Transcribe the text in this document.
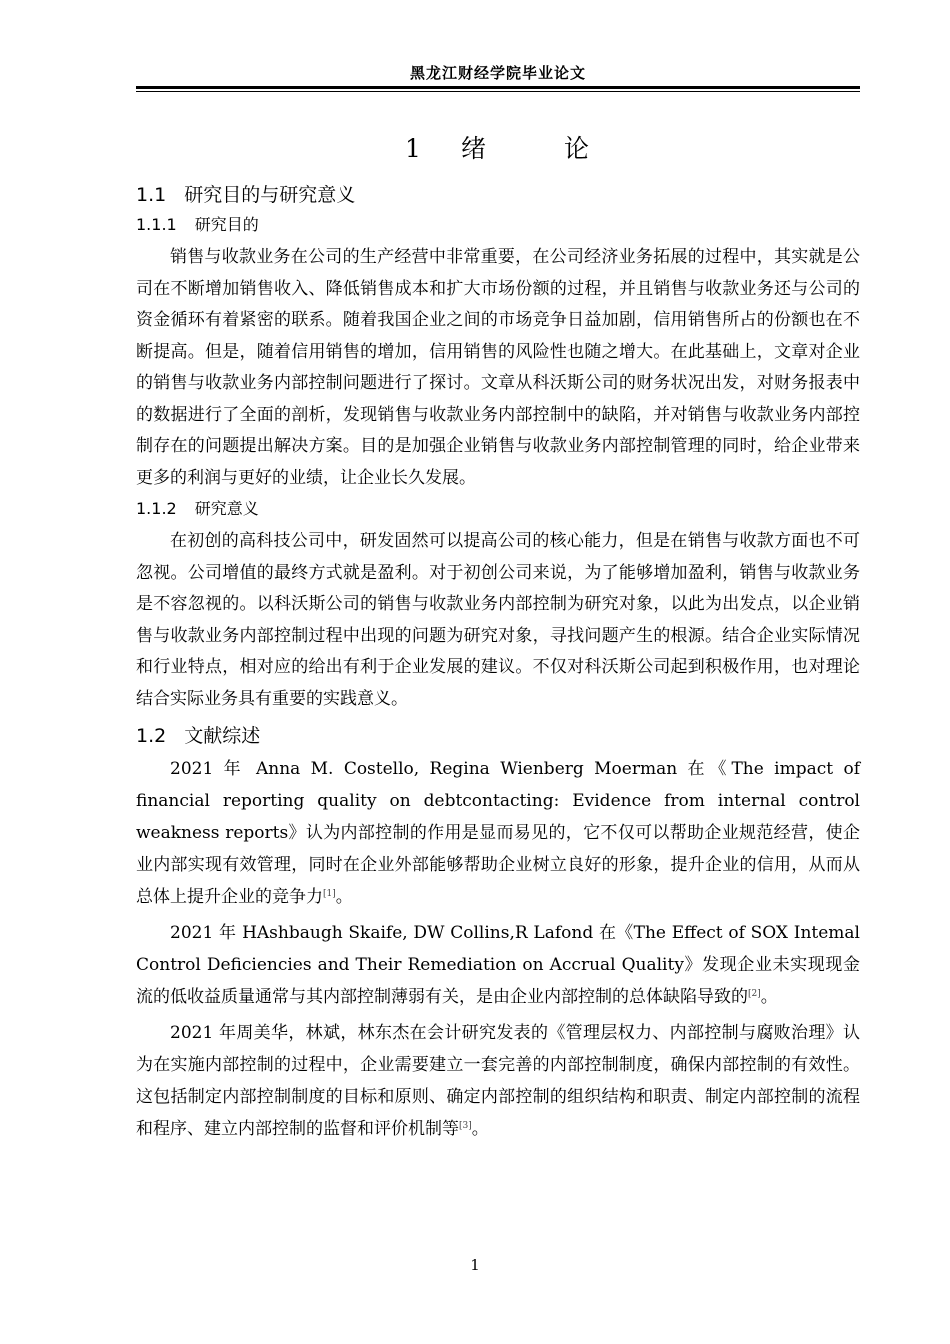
黑龙江财经学院毕业论文
1 绪	论
1.1 研究目的与研究意义
1.1.1 研究目的

销售与收款业务在公司的生产经营中非常重要，在公司经济业务拓展的过程中，其实就是公司在不断增加销售收入、降低销售成本和扩大市场份额的过程，并且销售与收款业务还与公司的资金循环有着紧密的联系。随着我国企业之间的市场竞争日益加剧，信用销售所占的份额也在不断提高。但是，随着信用销售的增加，信用销售的风险性也随之增大。在此基础上，文章对企业的销售与收款业务内部控制问题进行了探讨。文章从科沃斯公司的财务状况出发，对财务报表中的数据进行了全面的剖析，发现销售与收款业务内部控制中的缺陷，并对销售与收款业务内部控制存在的问题提出解决方案。目的是加强企业销售与收款业务内部控制管理的同时，给企业带来更多的利润与更好的业绩，让企业长久发展。

1.1.2 研究意义

在初创的高科技公司中，研发固然可以提高公司的核心能力，但是在销售与收款方面也不可忽视。公司增值的最终方式就是盈利。对于初创公司来说，为了能够增加盈利，销售与收款业务是不容忽视的。以科沃斯公司的销售与收款业务内部控制为研究对象，以此为出发点，以企业销售与收款业务内部控制过程中出现的问题为研究对象，寻找问题产生的根源。结合企业实际情况和行业特点，相对应的给出有利于企业发展的建议。不仅对科沃斯公司起到积极作用，也对理论结合实际业务具有重要的实践意义。

1.2 文献综述

2021 年 Anna M. Costello, Regina Wienberg Moerman 在《The impact of financial reporting quality on debtcontacting: Evidence from internal control weakness reports》认为内部控制的作用是显而易见的，它不仅可以帮助企业规范经营，使企业内部实现有效管理，同时在企业外部能够帮助企业树立良好的形象，提升企业的信用，从而从总体上提升企业的竞争力[1]。

2021 年 HAshbaugh Skaife, DW Collins,R Lafond 在《The Effect of SOX Intemal Control Deficiencies and Their Remediation on Accrual Quality》发现企业未实现现金流的低收益质量通常与其内部控制薄弱有关，是由企业内部控制的总体缺陷导致的[2]。

2021 年周美华，林斌，林东杰在会计研究发表的《管理层权力、内部控制与腐败治理》认为在实施内部控制的过程中，企业需要建立一套完善的内部控制制度，确保内部控制的有效性。这包括制定内部控制制度的目标和原则、确定内部控制的组织结构和职责、制定内部控制的流程和程序、建立内部控制的监督和评价机制等[3]。

1
